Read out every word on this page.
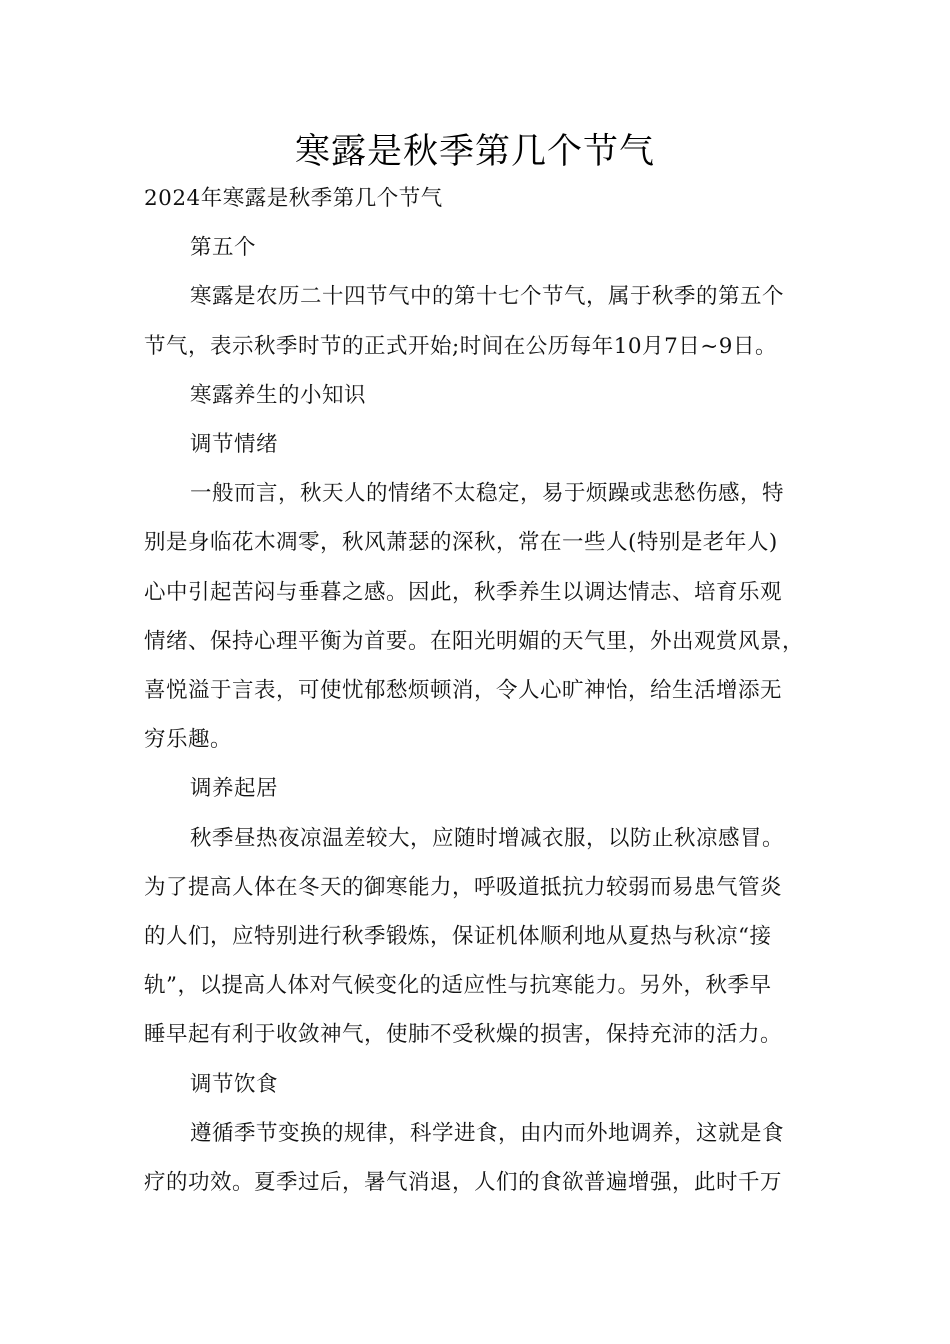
寒露是秋季第几个节气
2024年寒露是秋季第几个节气
第五个
寒露是农历二十四节气中的第十七个节气，属于秋季的第五个
节气，表示秋季时节的正式开始;时间在公历每年10月7日~9日。
寒露养生的小知识
调节情绪
一般而言，秋天人的情绪不太稳定，易于烦躁或悲愁伤感，特
别是身临花木凋零，秋风萧瑟的深秋，常在一些人(特别是老年人)
心中引起苦闷与垂暮之感。因此，秋季养生以调达情志、培育乐观
情绪、保持心理平衡为首要。在阳光明媚的天气里，外出观赏风景，
喜悦溢于言表，可使忧郁愁烦顿消，令人心旷神怡，给生活增添无
穷乐趣。
调养起居
秋季昼热夜凉温差较大，应随时增减衣服，以防止秋凉感冒。
为了提高人体在冬天的御寒能力，呼吸道抵抗力较弱而易患气管炎
的人们，应特别进行秋季锻炼，保证机体顺利地从夏热与秋凉“接
轨”，以提高人体对气候变化的适应性与抗寒能力。另外，秋季早
睡早起有利于收敛神气，使肺不受秋燥的损害，保持充沛的活力。
调节饮食
遵循季节变换的规律，科学进食，由内而外地调养，这就是食
疗的功效。夏季过后，暑气消退，人们的食欲普遍增强，此时千万
